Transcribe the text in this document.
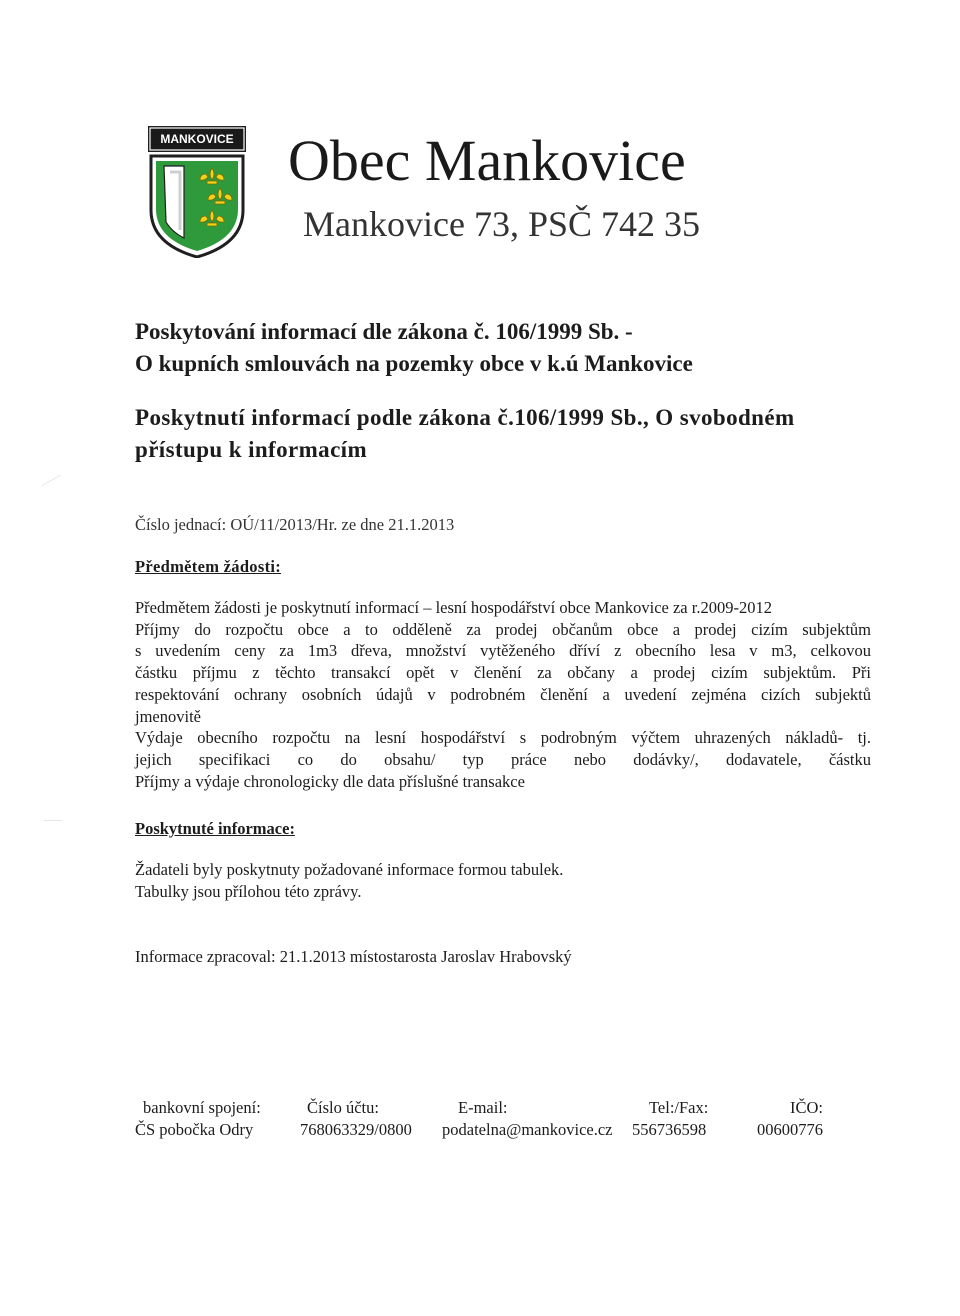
MANKOVICE Obec Mankovice
Mankovice 73, PSČ 742 35
Poskytování informací dle zákona č. 106/1999 Sb. -
O kupních smlouvách na pozemky obce v k.ú Mankovice
Poskytnutí informací podle zákona č.106/1999 Sb., O svobodném
přístupu k informacím
Číslo jednací: OÚ/11/2013/Hr. ze dne 21.1.2013
Předmětem žádosti:

Předmětem žádosti je poskytnutí informací – lesní hospodářství obce Mankovice za r.2009-2012

Příjmy do rozpočtu obce a to odděleně za prodej občanům obce a prodej cizím subjektům

s uvedením ceny za 1m3 dřeva, množství vytěženého dříví z obecního lesa v m3, celkovou

částku příjmu z těchto transakcí opět v členění za občany a prodej cizím subjektům. Při

respektování ochrany osobních údajů v podrobném členění a uvedení zejména cizích subjektů

jmenovitě

Výdaje obecního rozpočtu na lesní hospodářství s podrobným výčtem uhrazených nákladů- tj.

jejich specifikaci co do obsahu/ typ práce nebo dodávky/, dodavatele, částku

Příjmy a výdaje chronologicky dle data příslušné transakce

Poskytnuté informace:

Žadateli byly poskytnuty požadované informace formou tabulek.

Tabulky jsou přílohou této zprávy.

Informace zpracoval: 21.1.2013 místostarosta Jaroslav Hrabovský
bankovní spojení:
ČS pobočka Odry
Číslo účtu:
768063329/0800
E-mail:
podatelna@mankovice.cz
Tel:/Fax:
556736598
IČO:
00600776
